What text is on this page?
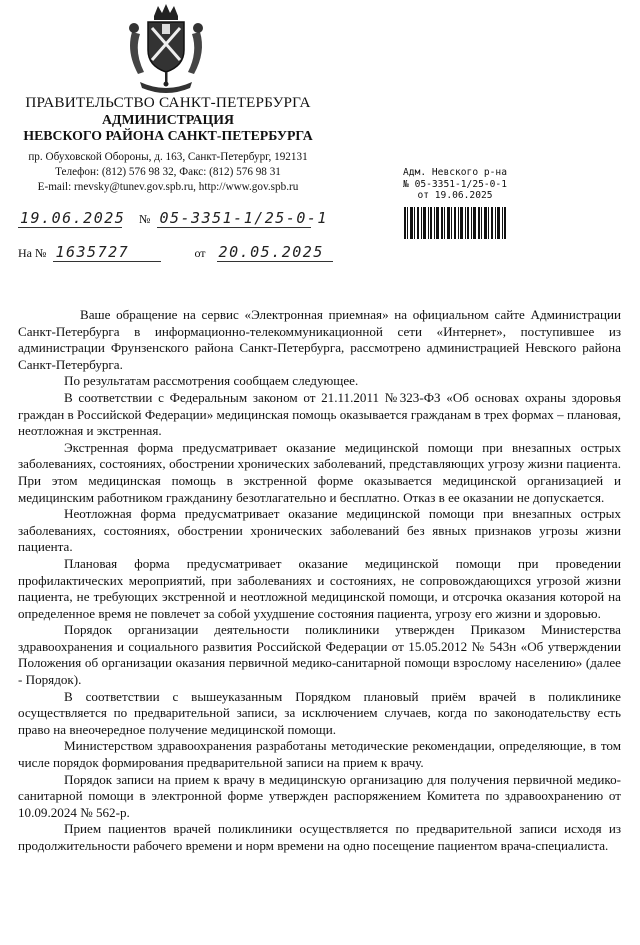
ПРАВИТЕЛЬСТВО САНКТ-ПЕТЕРБУРГА
АДМИНИСТРАЦИЯ
НЕВСКОГО РАЙОНА САНКТ-ПЕТЕРБУРГА
пр. Обуховской Обороны, д. 163, Санкт-Петербург, 192131
Телефон: (812) 576 98 32, Факс: (812) 576 98 31
E-mail: rnevsky@tunev.gov.spb.ru, http://www.gov.spb.ru
Адм. Невского р-на
№ 05-3351-1/25-0-1
от 19.06.2025
19.06.2025 № 05-3351-1/25-0-1
На № 1635727	от 20.05.2025

Ваше обращение на сервис «Электронная приемная» на официальном сайте Администрации Санкт-Петербурга в информационно-телекоммуникационной сети «Интернет», поступившее из администрации Фрунзенского района Санкт-Петербурга, рассмотрено администрацией Невского района Санкт-Петербурга.

По результатам рассмотрения сообщаем следующее.

В соответствии с Федеральным законом от 21.11.2011 №323-ФЗ «Об основах охраны здоровья граждан в Российской Федерации» медицинская помощь оказывается гражданам в трех формах – плановая, неотложная и экстренная.

Экстренная форма предусматривает оказание медицинской помощи при внезапных острых заболеваниях, состояниях, обострении хронических заболеваний, представляющих угрозу жизни пациента. При этом медицинская помощь в экстренной форме оказывается медицинской организацией и медицинским работником гражданину безотлагательно и бесплатно. Отказ в ее оказании не допускается.

Неотложная форма предусматривает оказание медицинской помощи при внезапных острых заболеваниях, состояниях, обострении хронических заболеваний без явных признаков угрозы жизни пациента.

Плановая форма предусматривает оказание медицинской помощи при проведении профилактических мероприятий, при заболеваниях и состояниях, не сопровождающихся угрозой жизни пациента, не требующих экстренной и неотложной медицинской помощи, и отсрочка оказания которой на определенное время не повлечет за собой ухудшение состояния пациента, угрозу его жизни и здоровью.

Порядок организации деятельности поликлиники утвержден Приказом Министерства здравоохранения и социального развития Российской Федерации от 15.05.2012 № 543н «Об утверждении Положения об организации оказания первичной медико-санитарной помощи взрослому населению» (далее - Порядок).

В соответствии с вышеуказанным Порядком плановый приём врачей в поликлинике осуществляется по предварительной записи, за исключением случаев, когда по законодательству есть право на внеочередное получение медицинской помощи.

Министерством здравоохранения разработаны методические рекомендации, определяющие, в том числе порядок формирования предварительной записи на прием к врачу.

Порядок записи на прием к врачу в медицинскую организацию для получения первичной медико-санитарной помощи в электронной форме утвержден распоряжением Комитета по здравоохранению от 10.09.2024 № 562-р.

Прием пациентов врачей поликлиники осуществляется по предварительной записи исходя из продолжительности рабочего времени и норм времени на одно посещение пациентом врача-специалиста.
